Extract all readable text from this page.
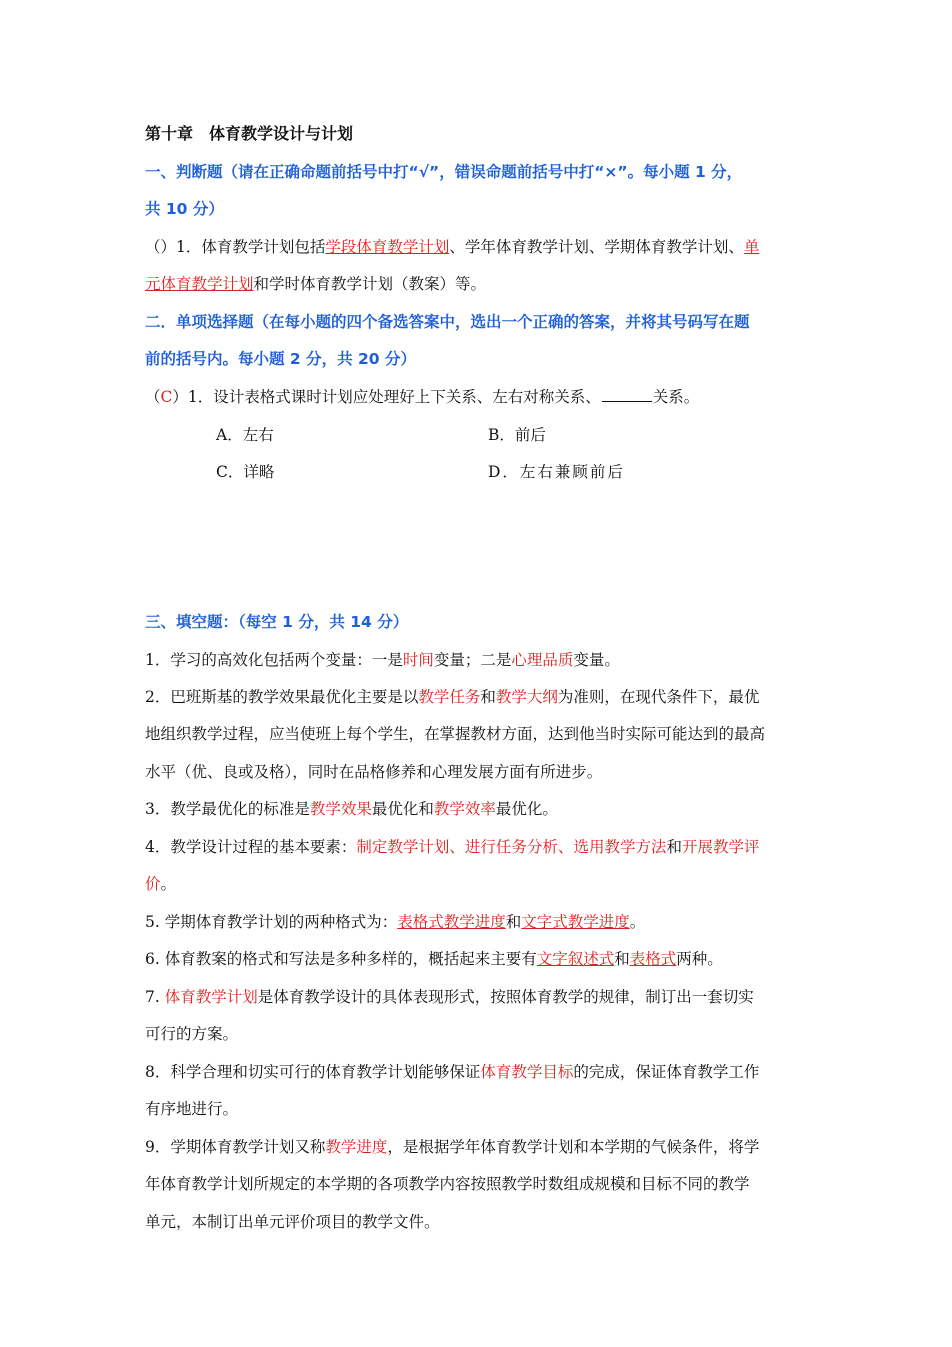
第十章　体育教学设计与计划
一、判断题（请在正确命题前括号中打“√”，错误命题前括号中打“×”。每小题 1 分，
共 10 分）
（）1．体育教学计划包括学段体育教学计划、学年体育教学计划、学期体育教学计划、单
元体育教学计划和学时体育教学计划（教案）等。
二．单项选择题（在每小题的四个备选答案中，选出一个正确的答案，并将其号码写在题
前的括号内。每小题 2 分，共 20 分）
（C）1．设计表格式课时计划应处理好上下关系、左右对称关系、	关系。
A．左右	B．前后
C．详略	D．左右兼顾前后
三、填空题：（每空 1 分，共 14 分）
1．学习的高效化包括两个变量：一是时间变量；二是心理品质变量。
2．巴班斯基的教学效果最优化主要是以教学任务和教学大纲为准则，在现代条件下，最优
地组织教学过程，应当使班上每个学生，在掌握教材方面，达到他当时实际可能达到的最高
水平（优、良或及格），同时在品格修养和心理发展方面有所进步。
3．教学最优化的标准是教学效果最优化和教学效率最优化。
4．教学设计过程的基本要素：制定教学计划、进行任务分析、选用教学方法和开展教学评
价。
5. 学期体育教学计划的两种格式为：表格式教学进度和文字式教学进度。
6. 体育教案的格式和写法是多种多样的，概括起来主要有文字叙述式和表格式两种。
7. 体育教学计划是体育教学设计的具体表现形式，按照体育教学的规律，制订出一套切实
可行的方案。
8．科学合理和切实可行的体育教学计划能够保证体育教学目标的完成，保证体育教学工作
有序地进行。
9．学期体育教学计划又称教学进度，是根据学年体育教学计划和本学期的气候条件，将学
年体育教学计划所规定的本学期的各项教学内容按照教学时数组成规模和目标不同的教学
单元，本制订出单元评价项目的教学文件。
